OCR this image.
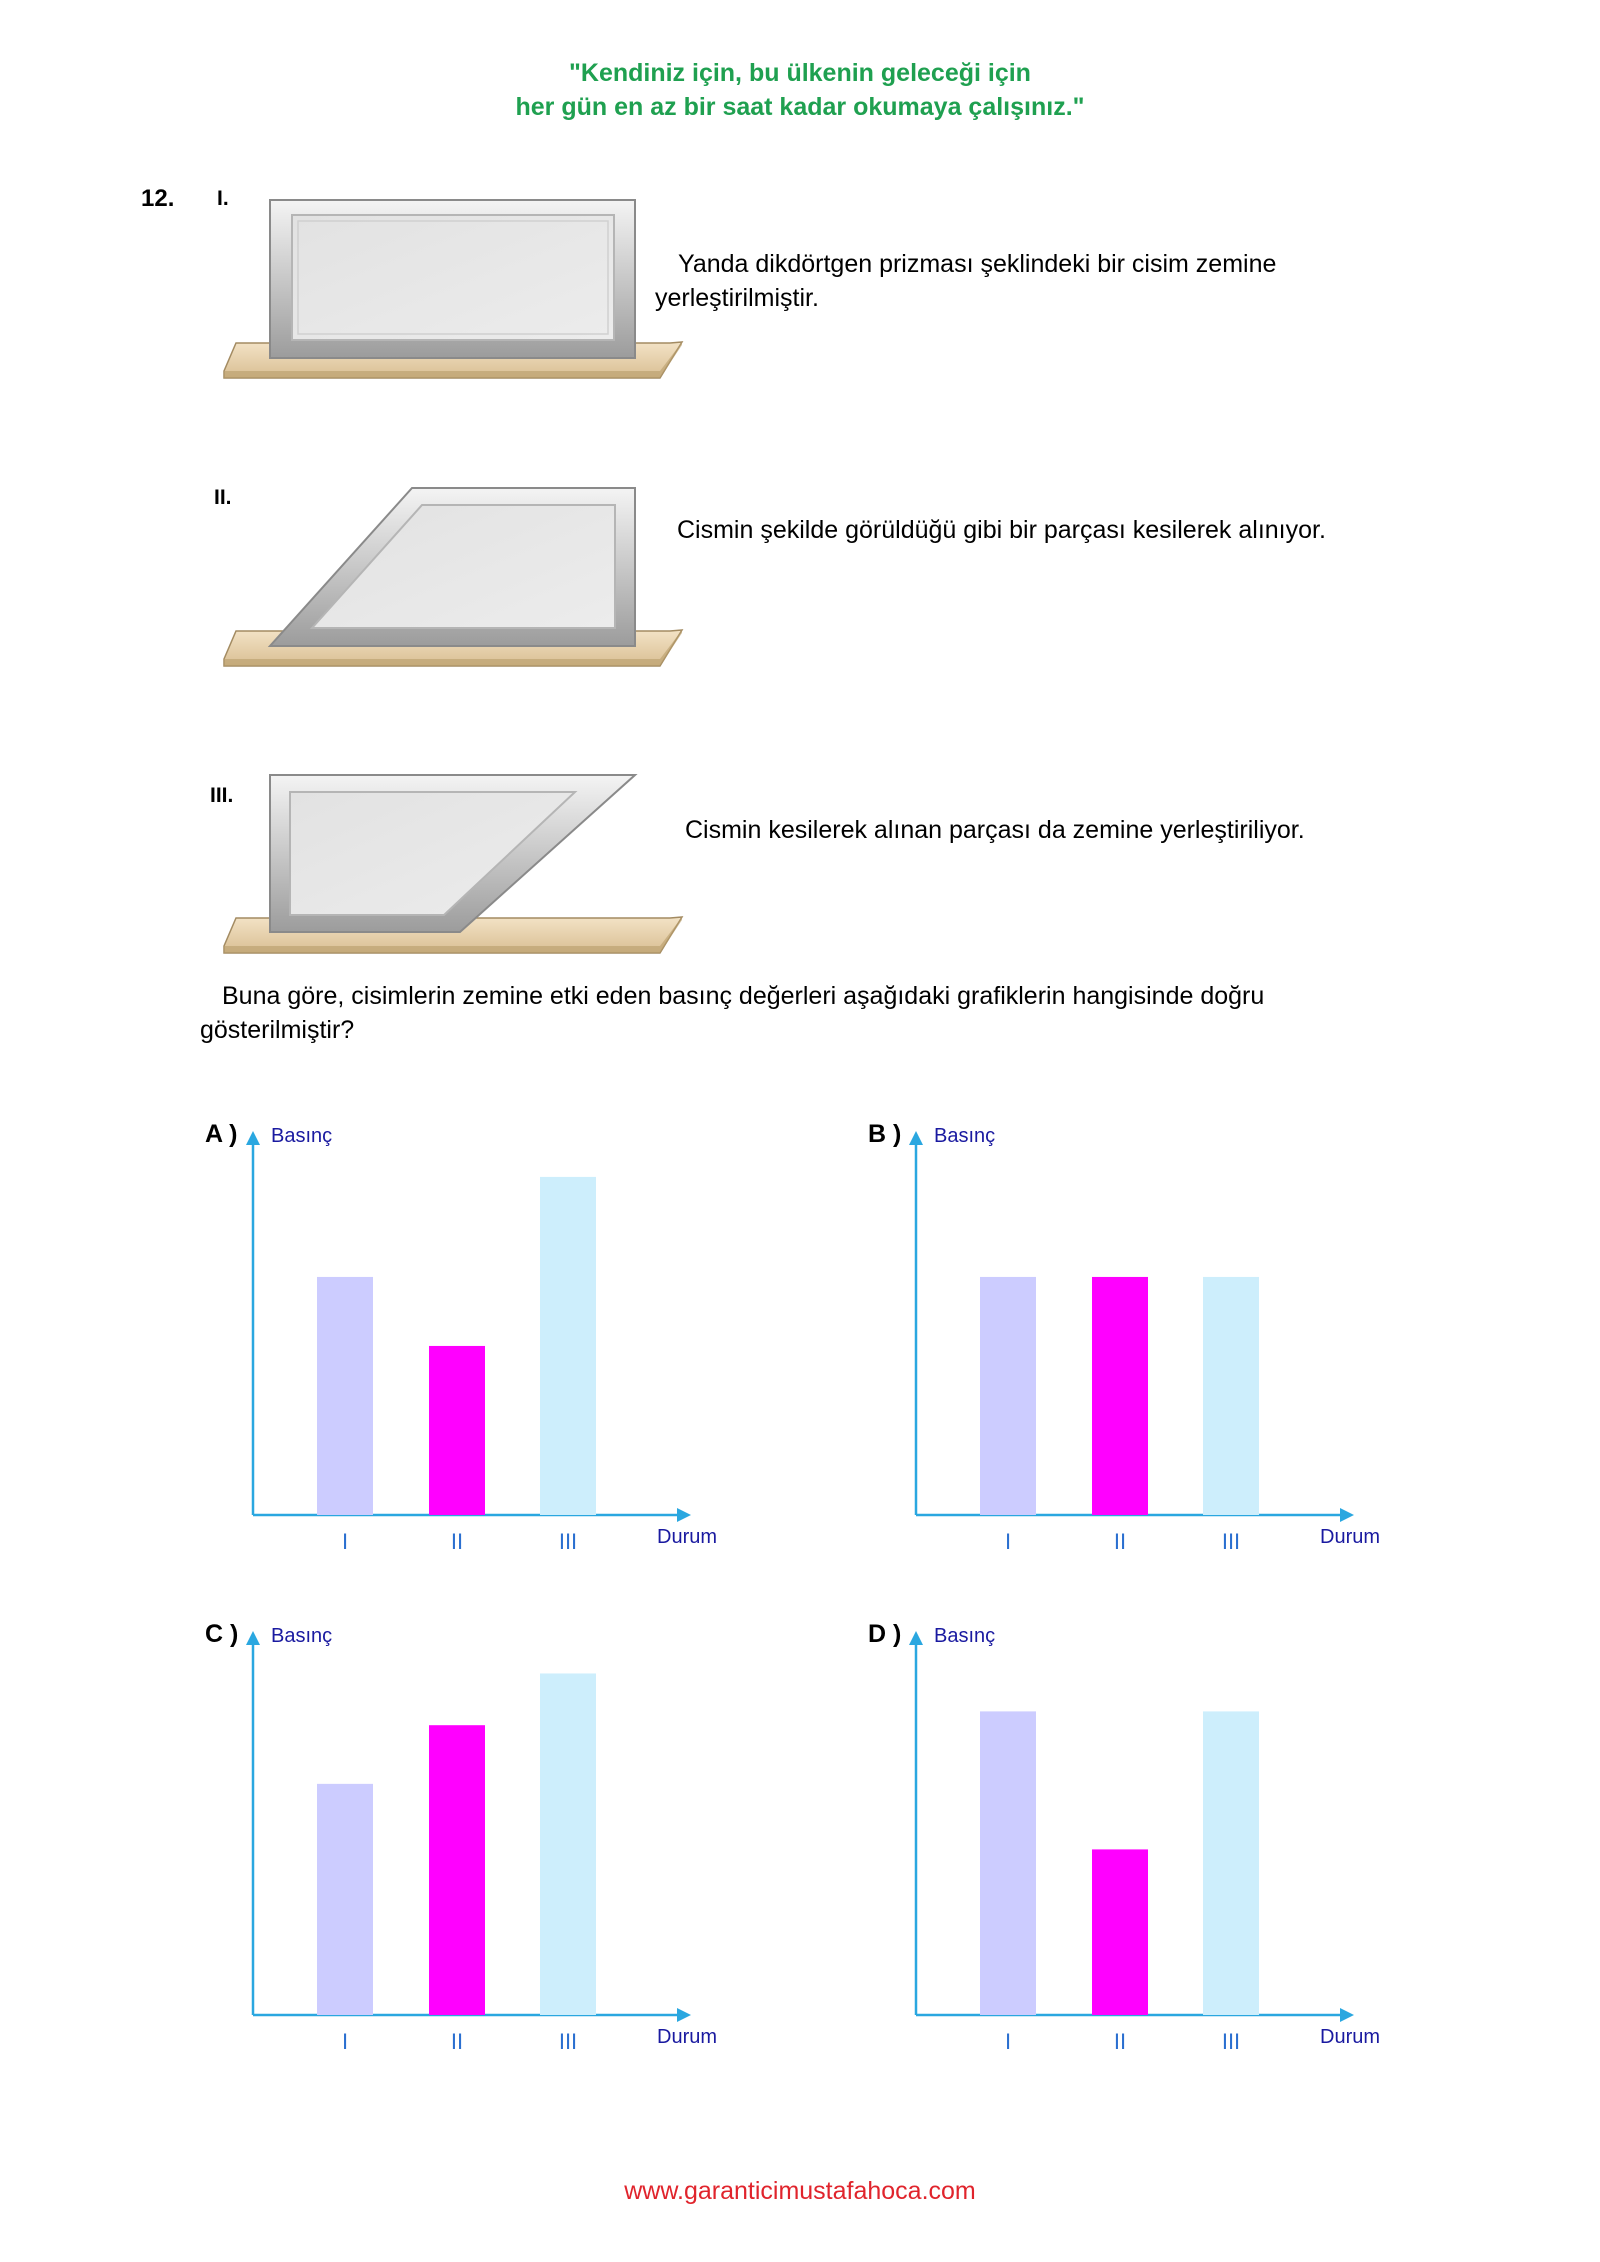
"Kendiniz için, bu ülkenin geleceği için
her gün en az bir saat kadar okumaya çalışınız."
12. I.
Yanda dikdörtgen prizması şeklindeki bir cisim zemine
yerleştirilmiştir.
II.
Cismin şekilde görüldüğü gibi bir parçası kesilerek alınıyor.
III.
Cismin kesilerek alınan parçası da zemine yerleştiriliyor.
Buna göre, cisimlerin zemine etki eden basınç değerleri aşağıdaki grafiklerin hangisinde doğru
gösterilmiştir?
A ) Basınç
I	II	III	Durum
B ) Basınç
I	II	III	Durum
C ) Basınç
I	II	III	Durum
D ) Basınç
I	II	III	Durum
www.garanticimustafahoca.com
